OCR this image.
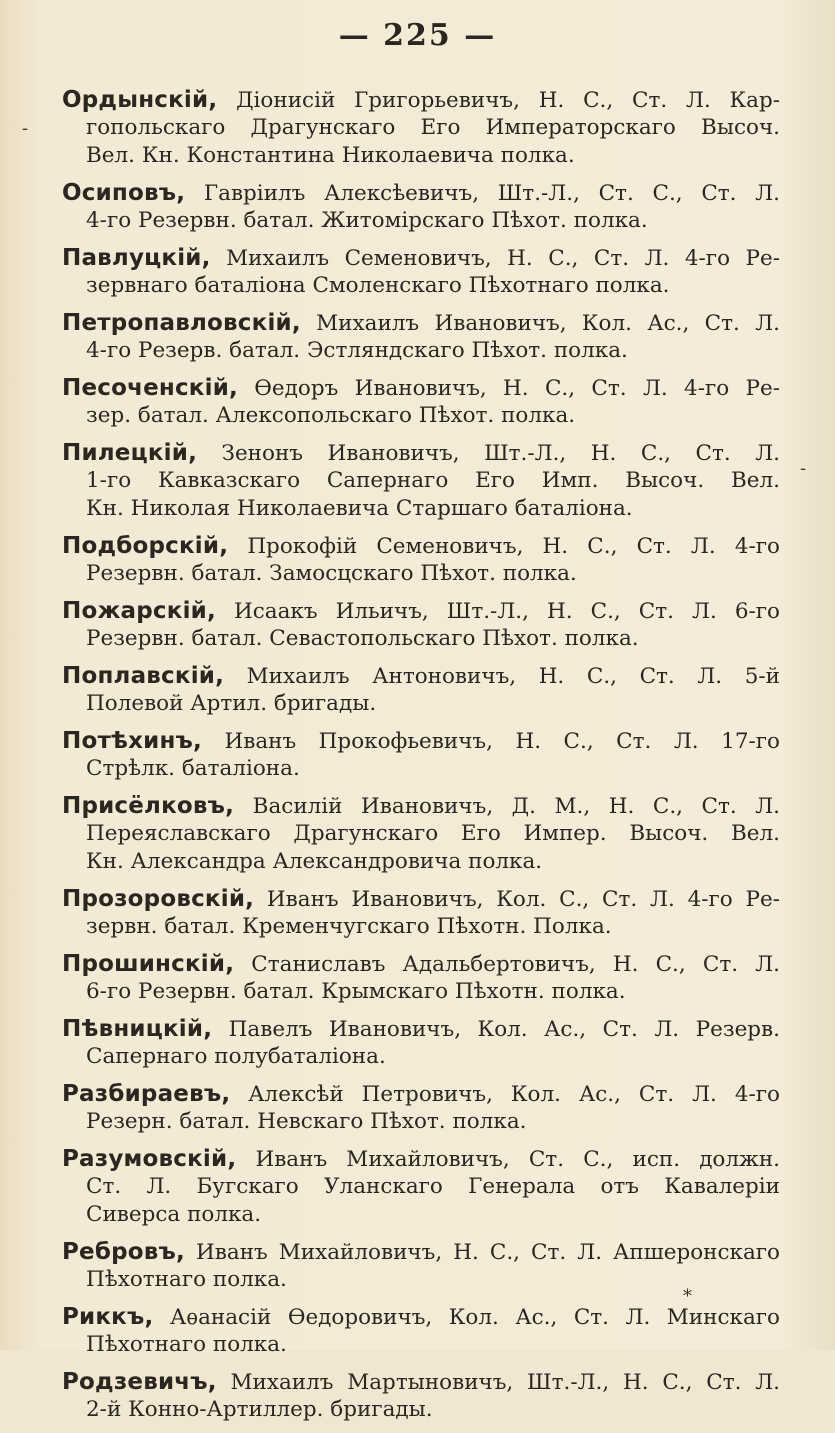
— 225 —
Ордынскій, Діонисій Григорьевичъ, Н. С., Ст. Л. Кар-
гопольскаго Драгунскаго Его Императорскаго Высоч.
Вел. Кн. Константина Николаевича полка.
Осиповъ, Гавріилъ Алексѣевичъ, Шт.-Л., Ст. С., Ст. Л.
4-го Резервн. батал. Житомірскаго Пѣхот. полка.
Павлуцкій, Михаилъ Семеновичъ, Н. С., Ст. Л. 4-го Ре-
зервнаго баталіона Смоленскаго Пѣхотнаго полка.
Петропавловскій, Михаилъ Ивановичъ, Кол. Ас., Ст. Л.
4-го Резерв. батал. Эстляндскаго Пѣхот. полка.
Песоченскій, Ѳедоръ Ивановичъ, Н. С., Ст. Л. 4-го Ре-
зер. батал. Алексопольскаго Пѣхот. полка.
Пилецкій, Зенонъ Ивановичъ, Шт.-Л., Н. С., Ст. Л.
1-го Кавказскаго Сапернаго Его Имп. Высоч. Вел.
Кн. Николая Николаевича Старшаго баталіона.
Подборскій, Прокофій Семеновичъ, Н. С., Ст. Л. 4-го
Резервн. батал. Замосцскаго Пѣхот. полка.
Пожарскій, Исаакъ Ильичъ, Шт.-Л., Н. С., Ст. Л. 6-го
Резервн. батал. Севастопольскаго Пѣхот. полка.
Поплавскій, Михаилъ Антоновичъ, Н. С., Ст. Л. 5-й
Полевой Артил. бригады.
Потѣхинъ, Иванъ Прокофьевичъ, Н. С., Ст. Л. 17-го
Стрѣлк. баталіона.
Присёлковъ, Василій Ивановичъ, Д. М., Н. С., Ст. Л.
Переяславскаго Драгунскаго Его Импер. Высоч. Вел.
Кн. Александра Александровича полка.
Прозоровскій, Иванъ Ивановичъ, Кол. С., Ст. Л. 4-го Ре-
зервн. батал. Кременчугскаго Пѣхотн. Полка.
Прошинскій, Станиславъ Адальбертовичъ, Н. С., Ст. Л.
6-го Резервн. батал. Крымскаго Пѣхотн. полка.
Пѣвницкій, Павелъ Ивановичъ, Кол. Ас., Ст. Л. Резерв.
Сапернаго полубаталіона.
Разбираевъ, Алексѣй Петровичъ, Кол. Ас., Ст. Л. 4-го
Резерн. батал. Невскаго Пѣхот. полка.
Разумовскій, Иванъ Михайловичъ, Ст. С., исп. должн.
Ст. Л. Бугскаго Уланскаго Генерала отъ Кавалеріи
Сиверса полка.
Ребровъ, Иванъ Михайловичъ, Н. С., Ст. Л. Апшеронскаго
Пѣхотнаго полка.
Риккъ, Аѳанасій Ѳедоровичъ, Кол. Ас., Ст. Л. Минскаго
Пѣхотнаго полка.
Родзевичъ, Михаилъ Мартыновичъ, Шт.-Л., Н. С., Ст. Л.
2-й Конно-Артиллер. бригады.
*
-
-
